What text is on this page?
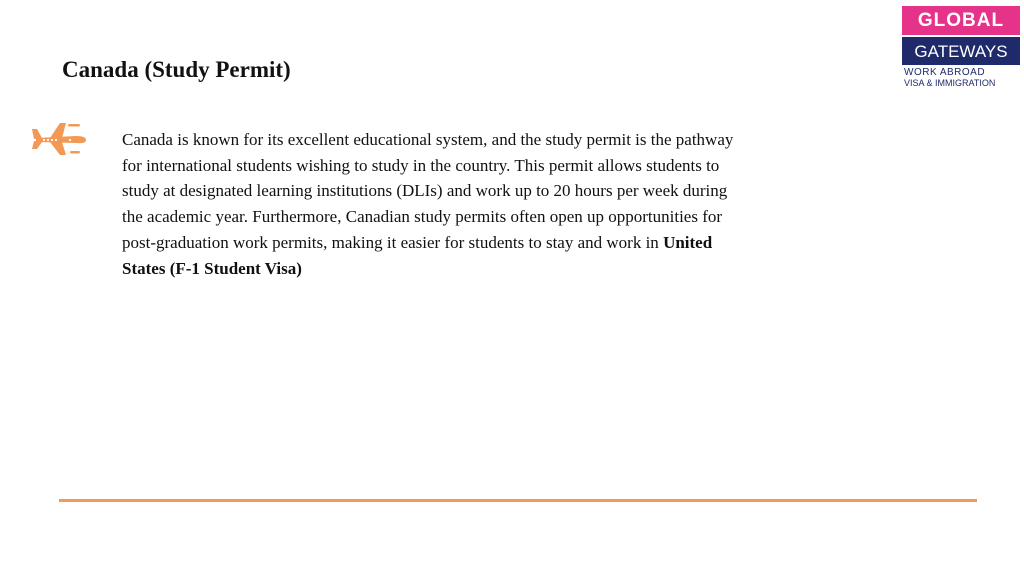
Canada (Study Permit)
GLOBAL
GATEWAYS
WORK ABROAD
VISA & IMMIGRATION
Canada is known for its excellent educational system, and the study permit is the pathway for international students wishing to study in the country. This permit allows students to study at designated learning institutions (DLIs) and work up to 20 hours per week during the academic year. Furthermore, Canadian study permits often open up opportunities for post-graduation work permits, making it easier for students to stay and work in United States (F-1 Student Visa)
